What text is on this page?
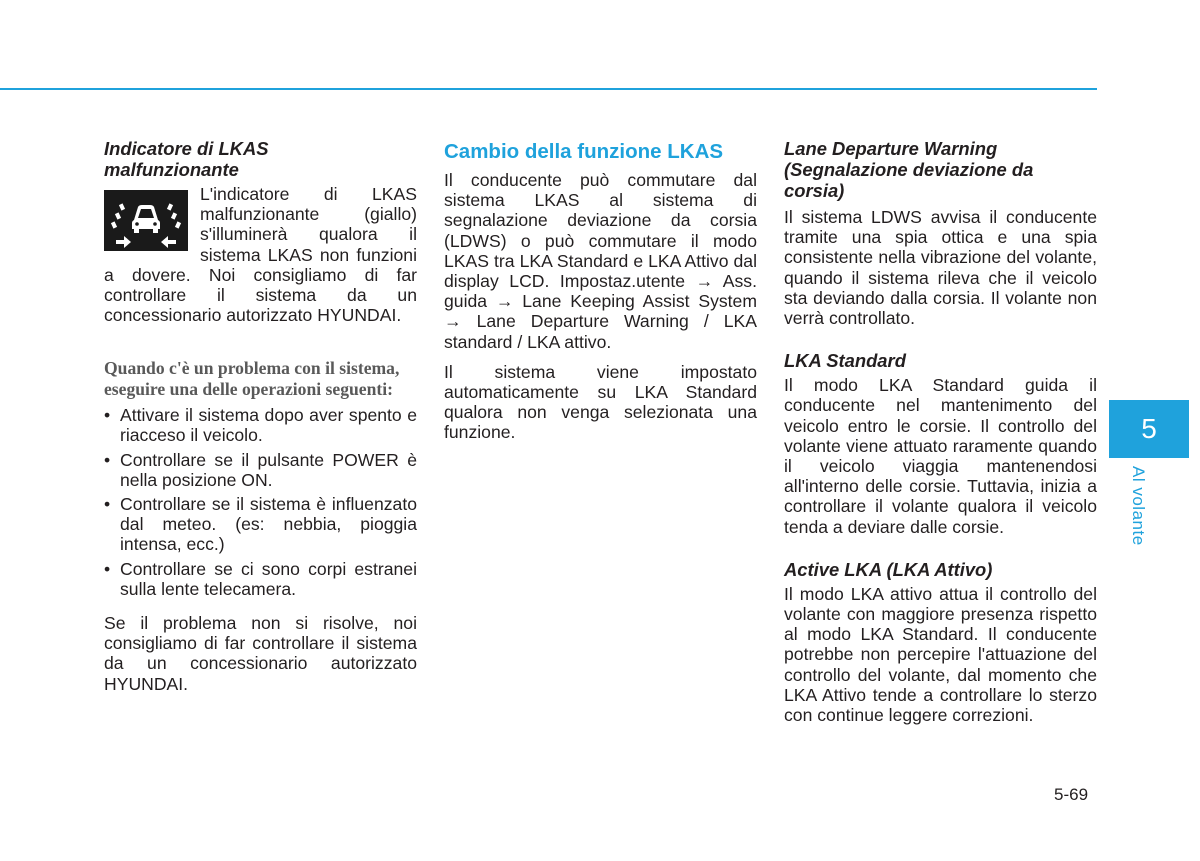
Indicatore di LKAS
malfunzionante

L'indicatore di LKAS malfunzionante (giallo) s'illuminerà qualora il sistema LKAS non funzioni a dovere. Noi consigliamo di far controllare il sistema da un concessionario autorizzato HYUNDAI.

Quando c'è un problema con il sistema, eseguire una delle operazioni seguenti:

• Attivare il sistema dopo aver spento e riacceso il veicolo.
• Controllare se il pulsante POWER è nella posizione ON.
• Controllare se il sistema è influenzato dal meteo. (es: nebbia, pioggia intensa, ecc.)
• Controllare se ci sono corpi estranei sulla lente telecamera.

Se il problema non si risolve, noi consigliamo di far controllare il sistema da un concessionario autorizzato HYUNDAI.

Cambio della funzione LKAS

Il conducente può commutare dal sistema LKAS al sistema di segnalazione deviazione da corsia (LDWS) o può commutare il modo LKAS tra LKA Standard e LKA Attivo dal display LCD. Impostaz.utente → Ass. guida → Lane Keeping Assist System → Lane Departure Warning / LKA standard / LKA attivo.

Il sistema viene impostato automaticamente su LKA Standard qualora non venga selezionata una funzione.

Lane Departure Warning
(Segnalazione deviazione da
corsia)

Il sistema LDWS avvisa il conducente tramite una spia ottica e una spia consistente nella vibrazione del volante, quando il sistema rileva che il veicolo sta deviando dalla corsia. Il volante non verrà controllato.

LKA Standard

Il modo LKA Standard guida il conducente nel mantenimento del veicolo entro le corsie. Il controllo del volante viene attuato raramente quando il veicolo viaggia mantenendosi all'interno delle corsie. Tuttavia, inizia a controllare il volante qualora il veicolo tenda a deviare dalle corsie.

Active LKA (LKA Attivo)

Il modo LKA attivo attua il controllo del volante con maggiore presenza rispetto al modo LKA Standard. Il conducente potrebbe non percepire l'attuazione del controllo del volante, dal momento che LKA Attivo tende a controllare lo sterzo con continue leggere correzioni.

5
Al volante
5-69
